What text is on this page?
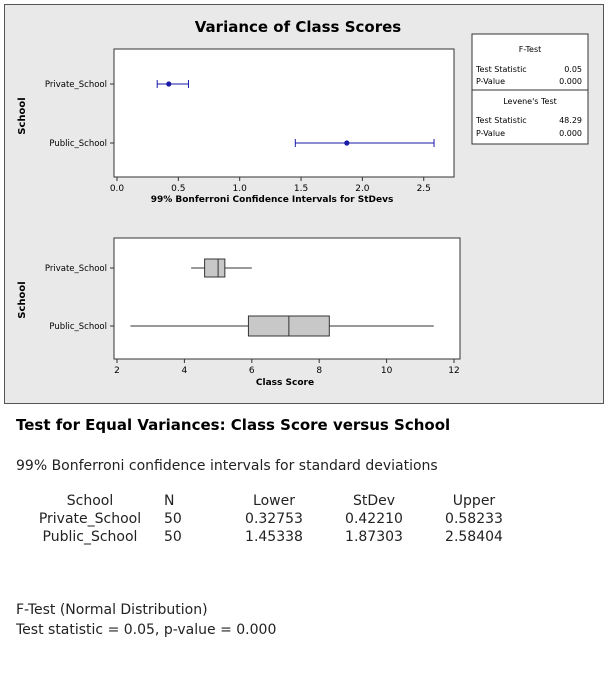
Variance of Class Scores
School
99% Bonferroni Confidence Intervals for StDevs
Private_School
Public_School
0.0	0.5	1.0	1.5	2.0	2.5
School
Class Score
Private_School
Public_School
2	4	6	8	10	12
F-Test
Test Statistic	0.05
P-Value	0.000
Levene's Test
Test Statistic	48.29
P-Value	0.000
Test for Equal Variances: Class Score versus School
99% Bonferroni confidence intervals for standard deviations
School	N	Lower	StDev	Upper
Private_School	50	0.32753	0.42210	0.58233
Public_School	50	1.45338	1.87303	2.58404
F-Test (Normal Distribution)
Test statistic = 0.05, p-value = 0.000
